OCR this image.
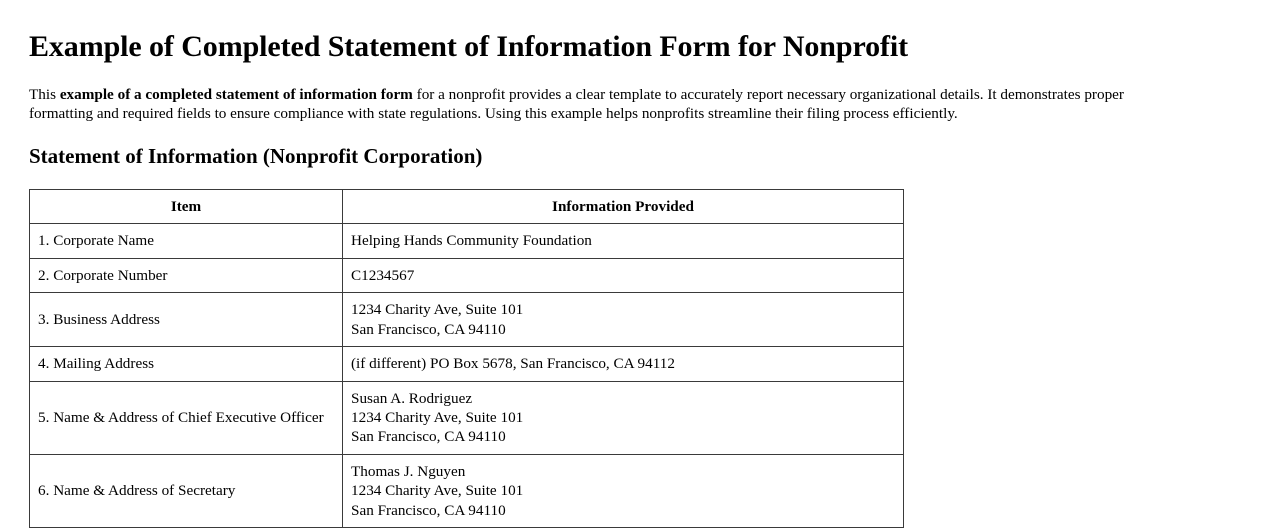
Example of Completed Statement of Information Form for Nonprofit

This example of a completed statement of information form for a nonprofit provides a clear template to accurately report necessary organizational details. It demonstrates proper formatting and required fields to ensure compliance with state regulations. Using this example helps nonprofits streamline their filing process efficiently.

Statement of Information (Nonprofit Corporation)
Item	Information Provided
1. Corporate Name	Helping Hands Community Foundation

2. Corporate Number	C1234567

3. Business Address	1234 Charity Ave, Suite 101
San Francisco, CA 94110

4. Mailing Address	(if different) PO Box 5678, San Francisco, CA 94112

5. Name & Address of Chief Executive Officer	Susan A. Rodriguez
1234 Charity Ave, Suite 101
San Francisco, CA 94110

6. Name & Address of Secretary	Thomas J. Nguyen
1234 Charity Ave, Suite 101
San Francisco, CA 94110
